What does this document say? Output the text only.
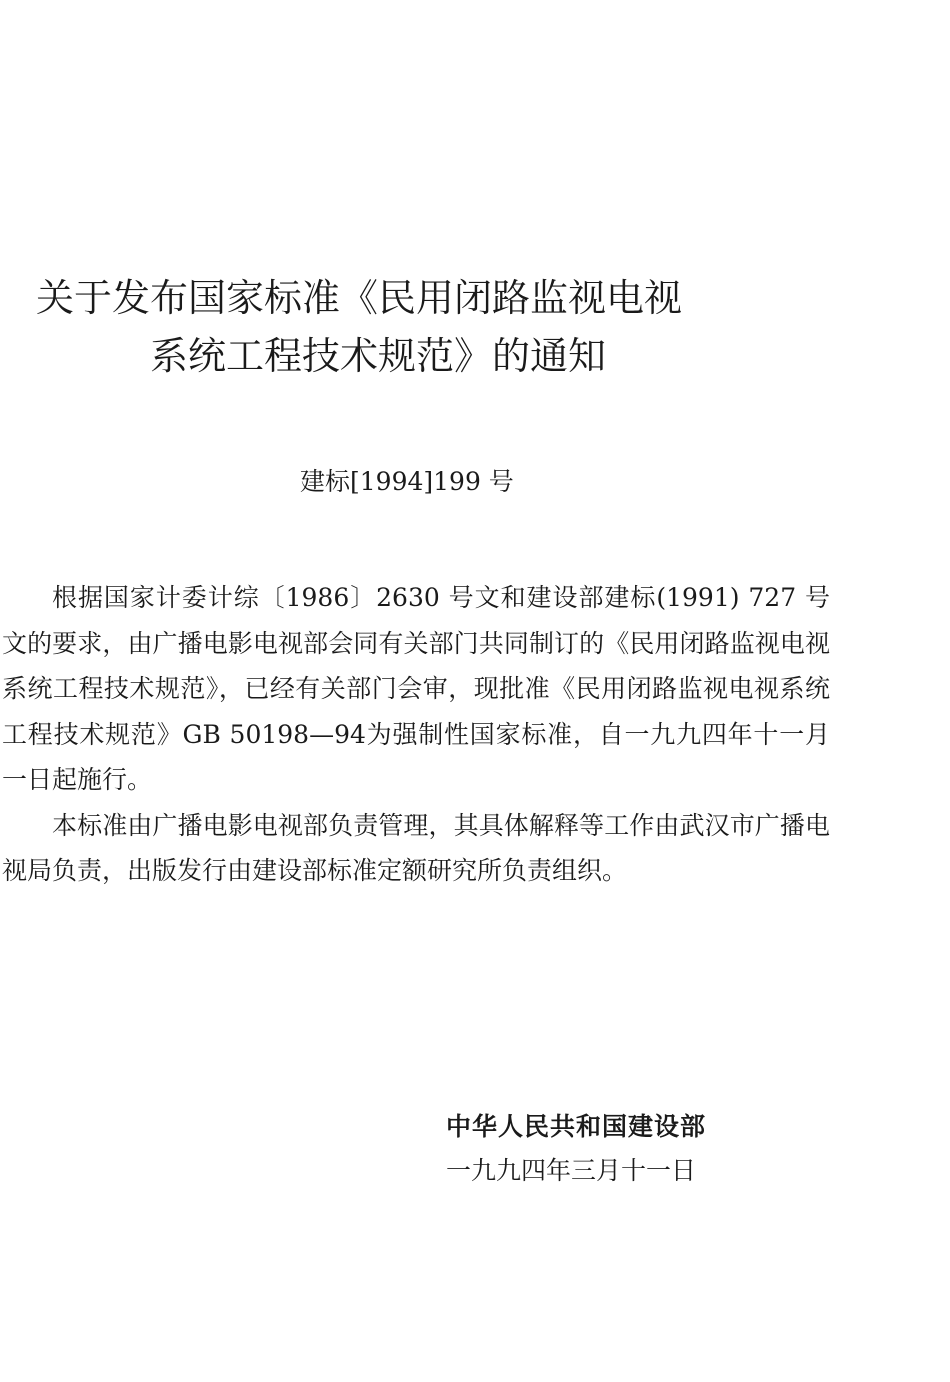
关于发布国家标准《民用闭路监视电视
系统工程技术规范》的通知
建标[1994]199 号

根据国家计委计综〔1986〕2630 号文和建设部建标(1991) 727 号文的要求，由广播电影电视部会同有关部门共同制订的《民用闭路监视电视系统工程技术规范》，已经有关部门会审，现批准《民用闭路监视电视系统工程技术规范》GB 50198—94为强制性国家标准，自一九九四年十一月一日起施行。

本标准由广播电影电视部负责管理，其具体解释等工作由武汉市广播电视局负责，出版发行由建设部标准定额研究所负责组织。

中华人民共和国建设部
一九九四年三月十一日
